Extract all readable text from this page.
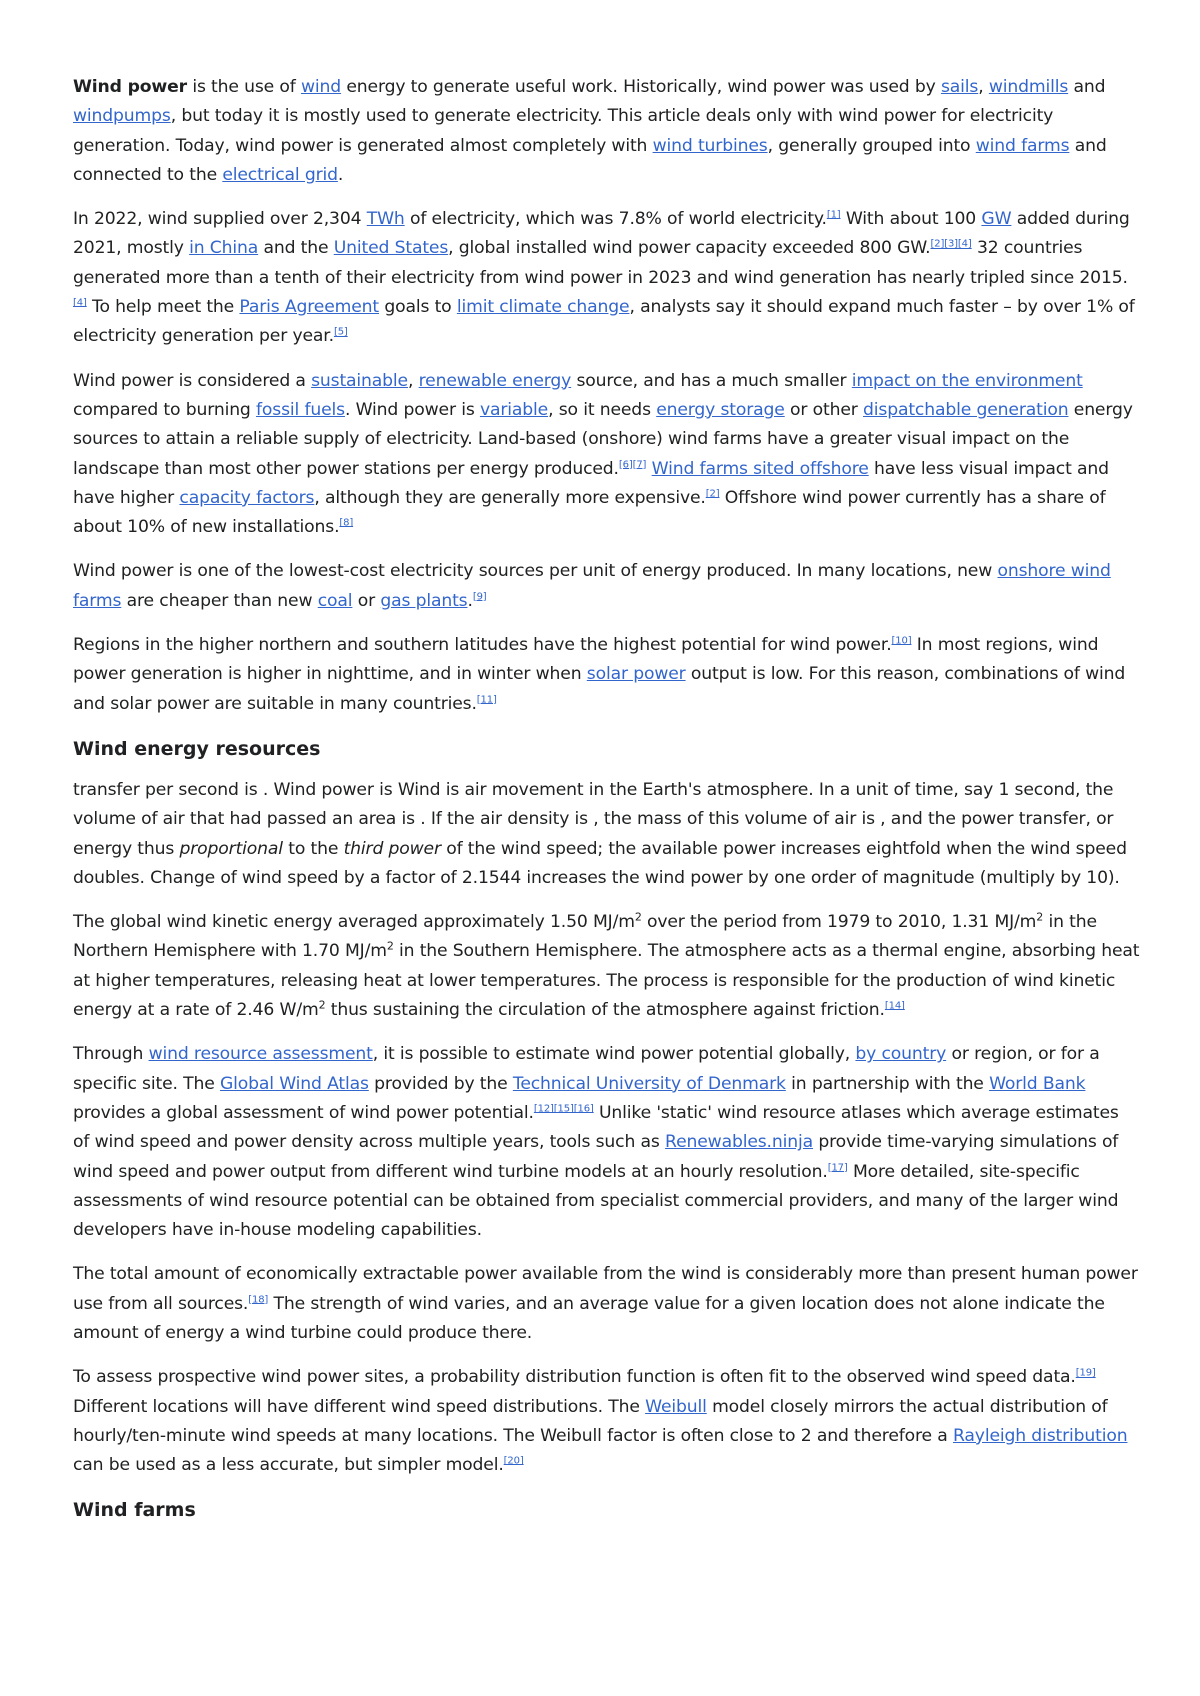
Wind power is the use of wind energy to generate useful work. Historically, wind power was used by sails, windmills and windpumps, but today it is mostly used to generate electricity. This article deals only with wind power for electricity generation. Today, wind power is generated almost completely with wind turbines, generally grouped into wind farms and connected to the electrical grid.

In 2022, wind supplied over 2,304 TWh of electricity, which was 7.8% of world electricity.[1] With about 100 GW added during 2021, mostly in China and the United States, global installed wind power capacity exceeded 800 GW.[2][3][4] 32 countries generated more than a tenth of their electricity from wind power in 2023 and wind generation has nearly tripled since 2015.[4] To help meet the Paris Agreement goals to limit climate change, analysts say it should expand much faster – by over 1% of electricity generation per year.[5]

Wind power is considered a sustainable, renewable energy source, and has a much smaller impact on the environment compared to burning fossil fuels. Wind power is variable, so it needs energy storage or other dispatchable generation energy sources to attain a reliable supply of electricity. Land-based (onshore) wind farms have a greater visual impact on the landscape than most other power stations per energy produced.[6][7] Wind farms sited offshore have less visual impact and have higher capacity factors, although they are generally more expensive.[2] Offshore wind power currently has a share of about 10% of new installations.[8]

Wind power is one of the lowest-cost electricity sources per unit of energy produced. In many locations, new onshore wind farms are cheaper than new coal or gas plants.[9]

Regions in the higher northern and southern latitudes have the highest potential for wind power.[10] In most regions, wind power generation is higher in nighttime, and in winter when solar power output is low. For this reason, combinations of wind and solar power are suitable in many countries.[11]

Wind energy resources

transfer per second is . Wind power is Wind is air movement in the Earth's atmosphere. In a unit of time, say 1 second, the volume of air that had passed an area is . If the air density is , the mass of this volume of air is , and the power transfer, or energy thus proportional to the third power of the wind speed; the available power increases eightfold when the wind speed doubles. Change of wind speed by a factor of 2.1544 increases the wind power by one order of magnitude (multiply by 10).

The global wind kinetic energy averaged approximately 1.50 $MJ/m^2$ over the period from 1979 to 2010, 1.31 $MJ/m^2$ in the Northern Hemisphere with 1.70 $MJ/m^2$ in the Southern Hemisphere. The atmosphere acts as a thermal engine, absorbing heat at higher temperatures, releasing heat at lower temperatures. The process is responsible for the production of wind kinetic energy at a rate of 2.46 $W/m^2$ thus sustaining the circulation of the atmosphere against friction.[14]

Through wind resource assessment, it is possible to estimate wind power potential globally, by country or region, or for a specific site. The Global Wind Atlas provided by the Technical University of Denmark in partnership with the World Bank provides a global assessment of wind power potential.[12][15][16] Unlike 'static' wind resource atlases which average estimates of wind speed and power density across multiple years, tools such as Renewables.ninja provide time-varying simulations of wind speed and power output from different wind turbine models at an hourly resolution.[17] More detailed, site-specific assessments of wind resource potential can be obtained from specialist commercial providers, and many of the larger wind developers have in-house modeling capabilities.

The total amount of economically extractable power available from the wind is considerably more than present human power use from all sources.[18] The strength of wind varies, and an average value for a given location does not alone indicate the amount of energy a wind turbine could produce there.

To assess prospective wind power sites, a probability distribution function is often fit to the observed wind speed data.[19] Different locations will have different wind speed distributions. The Weibull model closely mirrors the actual distribution of hourly/ten-minute wind speeds at many locations. The Weibull factor is often close to 2 and therefore a Rayleigh distribution can be used as a less accurate, but simpler model.[20]

Wind farms
